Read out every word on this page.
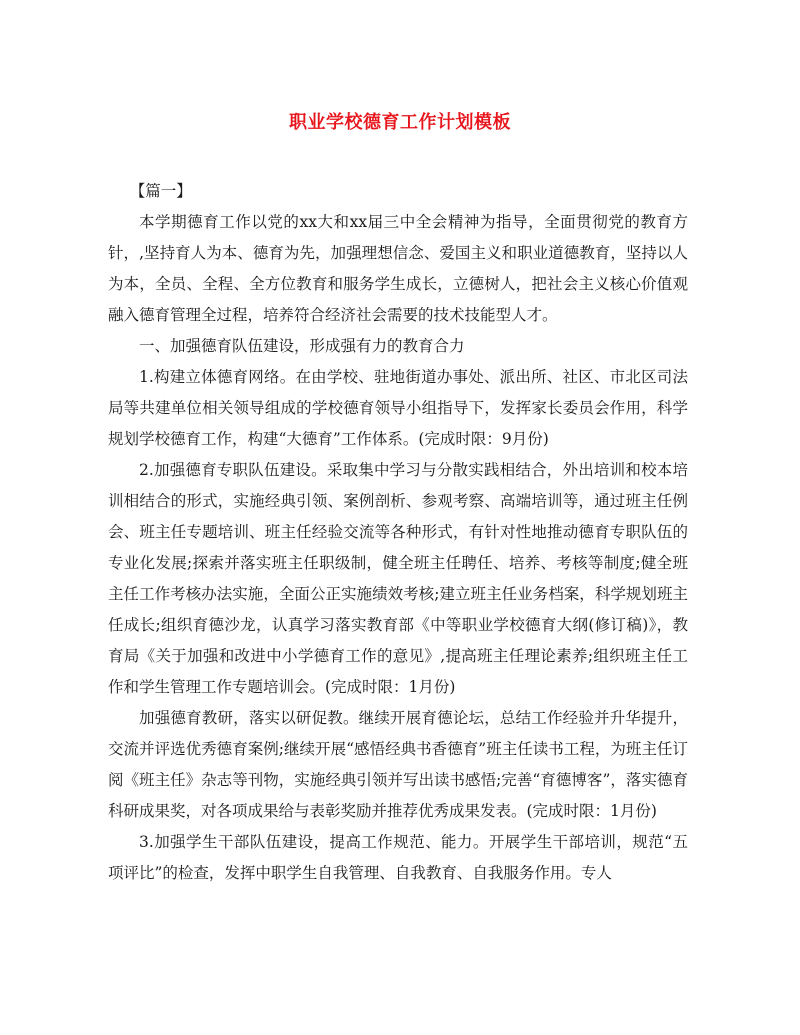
职业学校德育工作计划模板

【篇一】

本学期德育工作以党的xx大和xx届三中全会精神为指导，全面贯彻党的教育方针，,坚持育人为本、德育为先，加强理想信念、爱国主义和职业道德教育，坚持以人为本，全员、全程、全方位教育和服务学生成长，立德树人，把社会主义核心价值观融入德育管理全过程，培养符合经济社会需要的技术技能型人才。

一、加强德育队伍建设，形成强有力的教育合力

1.构建立体德育网络。在由学校、驻地街道办事处、派出所、社区、市北区司法局等共建单位相关领导组成的学校德育领导小组指导下，发挥家长委员会作用，科学规划学校德育工作，构建“大德育”工作体系。(完成时限：9月份)

2.加强德育专职队伍建设。采取集中学习与分散实践相结合，外出培训和校本培训相结合的形式，实施经典引领、案例剖析、参观考察、高端培训等，通过班主任例会、班主任专题培训、班主任经验交流等各种形式，有针对性地推动德育专职队伍的专业化发展;探索并落实班主任职级制，健全班主任聘任、培养、考核等制度;健全班主任工作考核办法实施，全面公正实施绩效考核;建立班主任业务档案，科学规划班主任成长;组织育德沙龙，认真学习落实教育部《中等职业学校德育大纲(修订稿)》，教育局《关于加强和改进中小学德育工作的意见》,提高班主任理论素养;组织班主任工作和学生管理工作专题培训会。(完成时限：1月份)

加强德育教研，落实以研促教。继续开展育德论坛，总结工作经验并升华提升，交流并评选优秀德育案例;继续开展“感悟经典书香德育”班主任读书工程，为班主任订阅《班主任》杂志等刊物，实施经典引领并写出读书感悟;完善“育德博客”，落实德育科研成果奖，对各项成果给与表彰奖励并推荐优秀成果发表。(完成时限：1月份)

3.加强学生干部队伍建设，提高工作规范、能力。开展学生干部培训，规范“五项评比”的检查，发挥中职学生自我管理、自我教育、自我服务作用。专人
